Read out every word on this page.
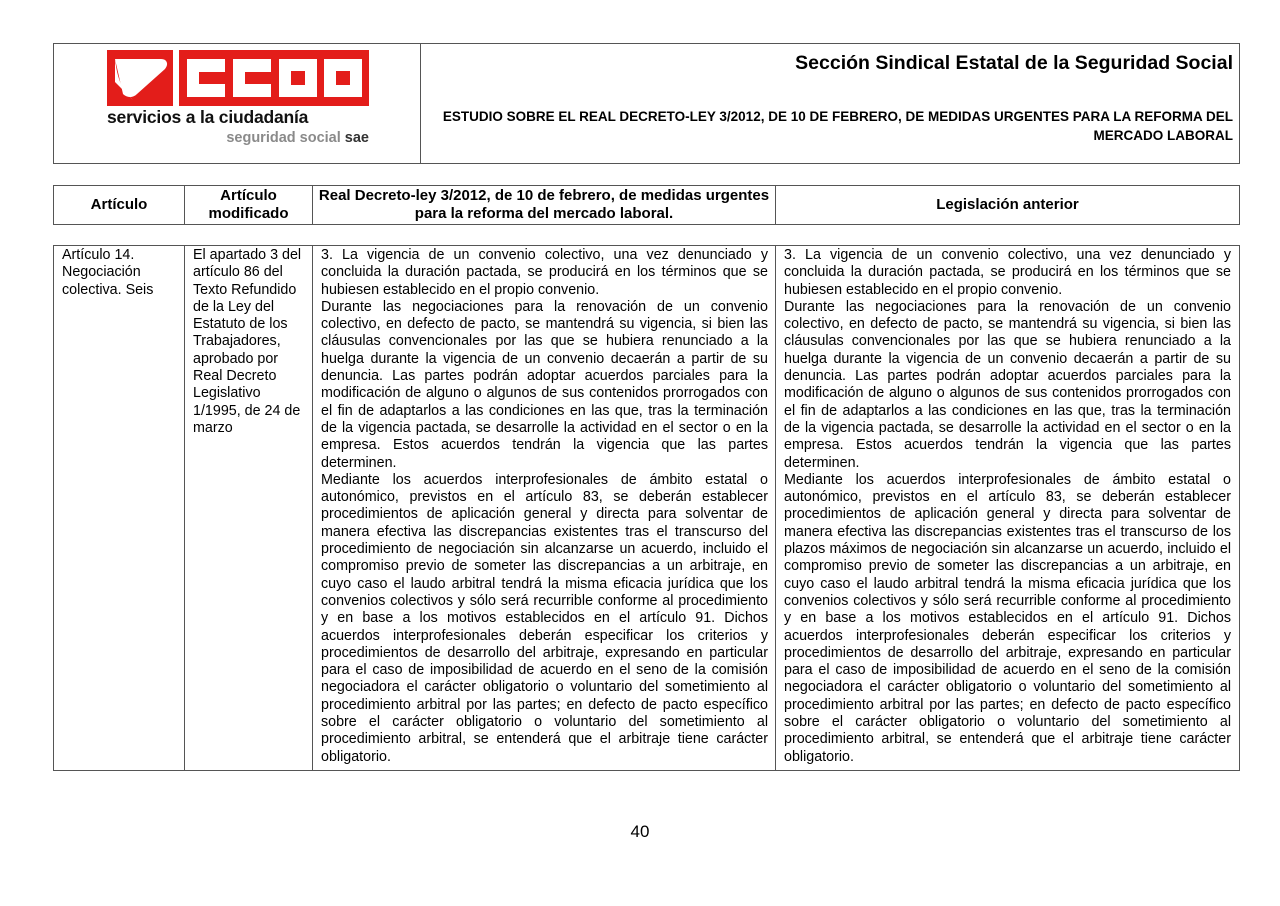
servicios a la ciudadanía
seguridad social sae
Sección Sindical Estatal de la Seguridad Social
ESTUDIO SOBRE EL REAL DECRETO-LEY 3/2012, DE 10 DE FEBRERO, DE MEDIDAS URGENTES PARA LA REFORMA DEL MERCADO LABORAL
Artículo
Artículo modificado
Real Decreto-ley 3/2012, de 10 de febrero, de medidas urgentes para la reforma del mercado laboral.
Legislación anterior
Artículo 14. Negociación colectiva. Seis
El apartado 3 del artículo 86 del Texto Refundido de la Ley del Estatuto de los Trabajadores, aprobado por Real Decreto Legislativo 1/1995, de 24 de marzo

3. La vigencia de un convenio colectivo, una vez denunciado y concluida la duración pactada, se producirá en los términos que se hubiesen establecido en el propio convenio.

Durante las negociaciones para la renovación de un convenio colectivo, en defecto de pacto, se mantendrá su vigencia, si bien las cláusulas convencionales por las que se hubiera renunciado a la huelga durante la vigencia de un convenio decaerán a partir de su denuncia. Las partes podrán adoptar acuerdos parciales para la modificación de alguno o algunos de sus contenidos prorrogados con el fin de adaptarlos a las condiciones en las que, tras la terminación de la vigencia pactada, se desarrolle la actividad en el sector o en la empresa. Estos acuerdos tendrán la vigencia que las partes determinen.

Mediante los acuerdos interprofesionales de ámbito estatal o autonómico, previstos en el artículo 83, se deberán establecer procedimientos de aplicación general y directa para solventar de manera efectiva las discrepancias existentes tras el transcurso del procedimiento de negociación sin alcanzarse un acuerdo, incluido el compromiso previo de someter las discrepancias a un arbitraje, en cuyo caso el laudo arbitral tendrá la misma eficacia jurídica que los convenios colectivos y sólo será recurrible conforme al procedimiento y en base a los motivos establecidos en el artículo 91. Dichos acuerdos interprofesionales deberán especificar los criterios y procedimientos de desarrollo del arbitraje, expresando en particular para el caso de imposibilidad de acuerdo en el seno de la comisión negociadora el carácter obligatorio o voluntario del sometimiento al procedimiento arbitral por las partes; en defecto de pacto específico sobre el carácter obligatorio o voluntario del sometimiento al procedimiento arbitral, se entenderá que el arbitraje tiene carácter obligatorio.

3. La vigencia de un convenio colectivo, una vez denunciado y concluida la duración pactada, se producirá en los términos que se hubiesen establecido en el propio convenio.

Durante las negociaciones para la renovación de un convenio colectivo, en defecto de pacto, se mantendrá su vigencia, si bien las cláusulas convencionales por las que se hubiera renunciado a la huelga durante la vigencia de un convenio decaerán a partir de su denuncia. Las partes podrán adoptar acuerdos parciales para la modificación de alguno o algunos de sus contenidos prorrogados con el fin de adaptarlos a las condiciones en las que, tras la terminación de la vigencia pactada, se desarrolle la actividad en el sector o en la empresa. Estos acuerdos tendrán la vigencia que las partes determinen.

Mediante los acuerdos interprofesionales de ámbito estatal o autonómico, previstos en el artículo 83, se deberán establecer procedimientos de aplicación general y directa para solventar de manera efectiva las discrepancias existentes tras el transcurso de los plazos máximos de negociación sin alcanzarse un acuerdo, incluido el compromiso previo de someter las discrepancias a un arbitraje, en cuyo caso el laudo arbitral tendrá la misma eficacia jurídica que los convenios colectivos y sólo será recurrible conforme al procedimiento y en base a los motivos establecidos en el artículo 91. Dichos acuerdos interprofesionales deberán especificar los criterios y procedimientos de desarrollo del arbitraje, expresando en particular para el caso de imposibilidad de acuerdo en el seno de la comisión negociadora el carácter obligatorio o voluntario del sometimiento al procedimiento arbitral por las partes; en defecto de pacto específico sobre el carácter obligatorio o voluntario del sometimiento al procedimiento arbitral, se entenderá que el arbitraje tiene carácter obligatorio.

40
